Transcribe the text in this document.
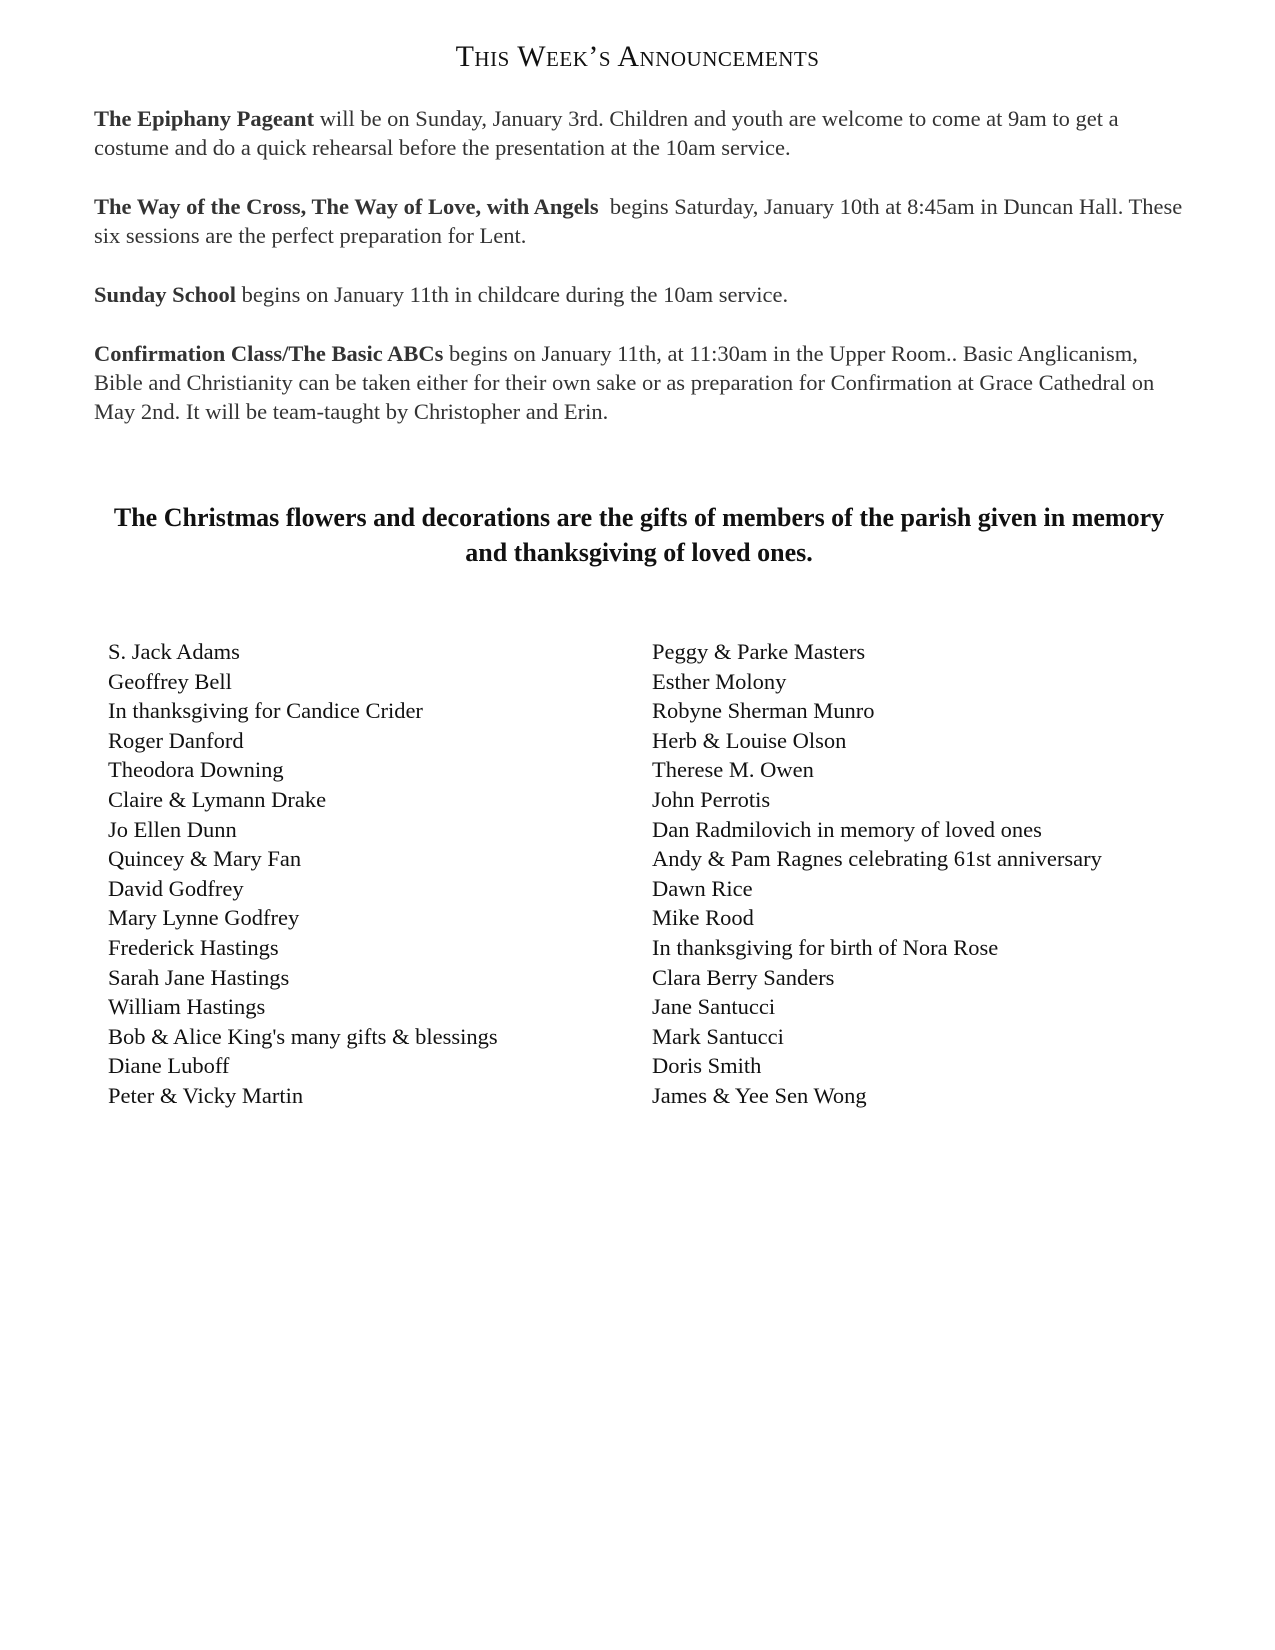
This Week’s Announcements

The Epiphany Pageant will be on Sunday, January 3rd. Children and youth are welcome to come at 9am to get a costume and do a quick rehearsal before the presentation at the 10am service.

The Way of the Cross, The Way of Love, with Angels  begins Saturday, January 10th at 8:45am in Duncan Hall. These six sessions are the perfect preparation for Lent.

Sunday School begins on January 11th in childcare during the 10am service.

Confirmation Class/The Basic ABCs begins on January 11th, at 11:30am in the Upper Room.. Basic Anglicanism, Bible and Christianity can be taken either for their own sake or as preparation for Confirmation at Grace Cathedral on May 2nd. It will be team-taught by Christopher and Erin.

The Christmas flowers and decorations are the gifts of members of the parish given in memory and thanksgiving of loved ones.
S. Jack Adams
Geoffrey Bell
In thanksgiving for Candice Crider
Roger Danford
Theodora Downing
Claire & Lymann Drake
Jo Ellen Dunn
Quincey & Mary Fan
David Godfrey
Mary Lynne Godfrey
Frederick Hastings
Sarah Jane Hastings
William Hastings
Bob & Alice King's many gifts & blessings
Diane Luboff
Peter & Vicky Martin
Peggy & Parke Masters
Esther Molony
Robyne Sherman Munro
Herb & Louise Olson
Therese M. Owen
John Perrotis
Dan Radmilovich in memory of loved ones
Andy & Pam Ragnes celebrating 61st anniversary
Dawn Rice
Mike Rood
In thanksgiving for birth of Nora Rose
Clara Berry Sanders
Jane Santucci
Mark Santucci
Doris Smith
James & Yee Sen Wong
